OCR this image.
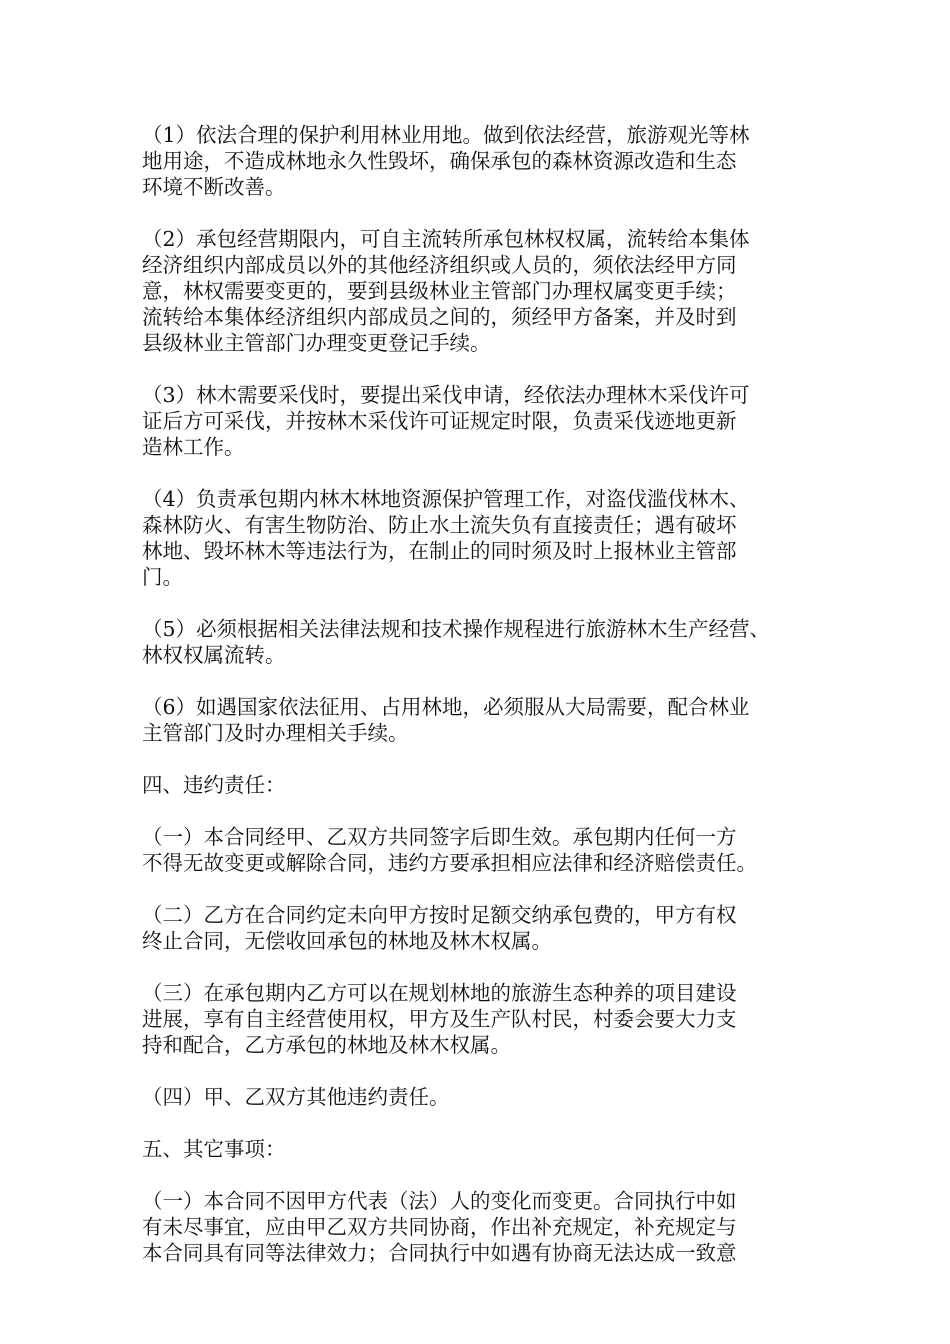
（1）依法合理的保护利用林业用地。做到依法经营，旅游观光等林
地用途，不造成林地永久性毁坏，确保承包的森林资源改造和生态
环境不断改善。

（2）承包经营期限内，可自主流转所承包林权权属，流转给本集体
经济组织内部成员以外的其他经济组织或人员的，须依法经甲方同
意，林权需要变更的，要到县级林业主管部门办理权属变更手续；
流转给本集体经济组织内部成员之间的，须经甲方备案，并及时到
县级林业主管部门办理变更登记手续。

（3）林木需要采伐时，要提出采伐申请，经依法办理林木采伐许可
证后方可采伐，并按林木采伐许可证规定时限，负责采伐迹地更新
造林工作。

（4）负责承包期内林木林地资源保护管理工作，对盗伐滥伐林木、
森林防火、有害生物防治、防止水土流失负有直接责任；遇有破坏
林地、毁坏林木等违法行为，在制止的同时须及时上报林业主管部
门。

（5）必须根据相关法律法规和技术操作规程进行旅游林木生产经营、
林权权属流转。

（6）如遇国家依法征用、占用林地，必须服从大局需要，配合林业
主管部门及时办理相关手续。

四、违约责任：

（一）本合同经甲、乙双方共同签字后即生效。承包期内任何一方
不得无故变更或解除合同，违约方要承担相应法律和经济赔偿责任。

（二）乙方在合同约定未向甲方按时足额交纳承包费的，甲方有权
终止合同，无偿收回承包的林地及林木权属。

（三）在承包期内乙方可以在规划林地的旅游生态种养的项目建设
进展，享有自主经营使用权，甲方及生产队村民，村委会要大力支
持和配合，乙方承包的林地及林木权属。

（四）甲、乙双方其他违约责任。

五、其它事项：

（一）本合同不因甲方代表（法）人的变化而变更。合同执行中如
有未尽事宜，应由甲乙双方共同协商，作出补充规定，补充规定与
本合同具有同等法律效力；合同执行中如遇有协商无法达成一致意
